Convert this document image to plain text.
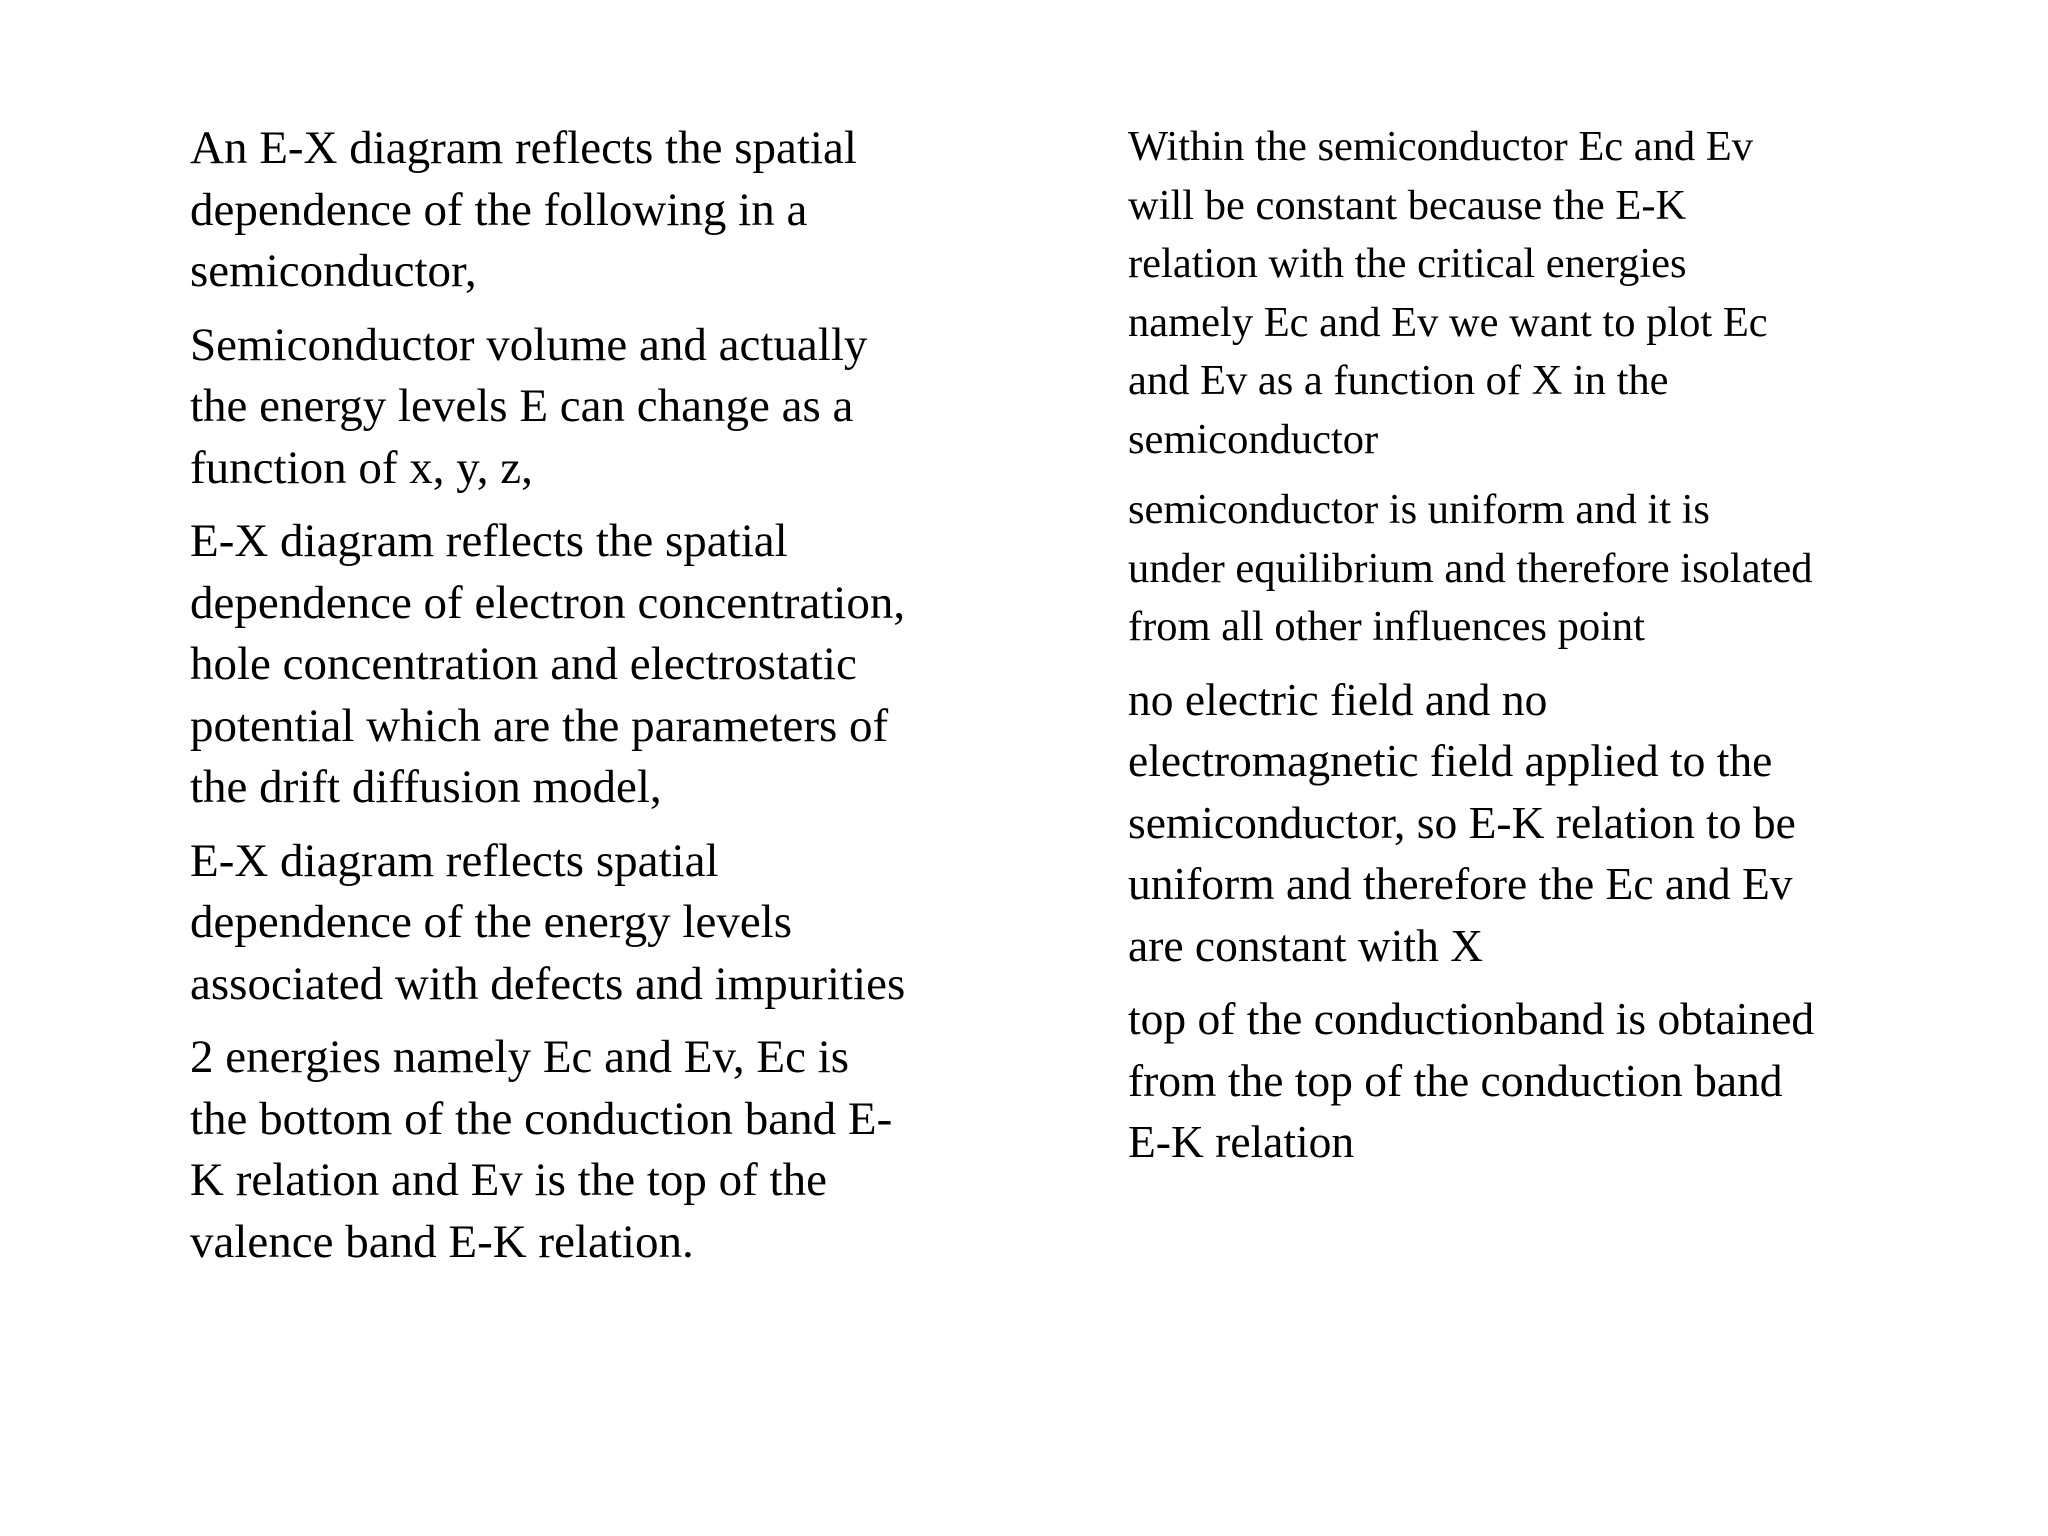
An E-X diagram reflects the spatial
dependence of the following in a
semiconductor,

Semiconductor volume and actually
the energy levels E can change as a
function of x, y, z,

E-X diagram reflects the spatial
dependence of electron concentration,
hole concentration and electrostatic
potential which are the parameters of
the drift diffusion model,

E-X diagram reflects spatial
dependence of the energy levels
associated with defects and impurities

2 energies namely Ec and Ev, Ec is
the bottom of the conduction band E-
K relation and Ev is the top of the
valence band E-K relation.

Within the semiconductor Ec and Ev
will be constant because the E-K
relation with the critical energies
namely Ec and Ev we want to plot Ec
and Ev as a function of X in the
semiconductor

semiconductor is uniform and it is
under equilibrium and therefore isolated
from all other influences point

no electric field and no
electromagnetic field applied to the
semiconductor, so E-K relation to be
uniform and therefore the Ec and Ev
are constant with X

top of the conductionband is obtained
from the top of the conduction band
E-K relation
